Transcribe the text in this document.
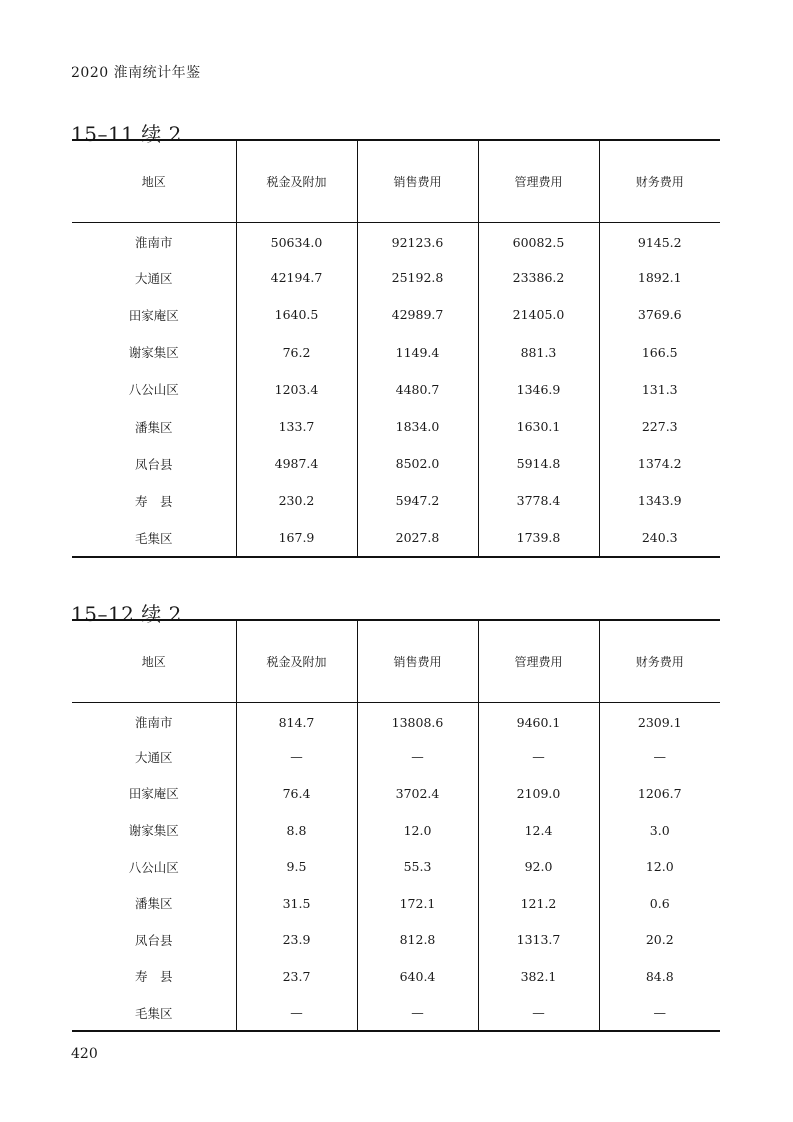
2020 淮南统计年鉴
15–11 续 2
地区	税金及附加	销售费用	管理费用	财务费用
淮南市	50634.0	92123.6	60082.5	9145.2
大通区	42194.7	25192.8	23386.2	1892.1
田家庵区	1640.5	42989.7	21405.0	3769.6
谢家集区	76.2	1149.4	881.3	166.5
八公山区	1203.4	4480.7	1346.9	131.3
潘集区	133.7	1834.0	1630.1	227.3
凤台县	4987.4	8502.0	5914.8	1374.2
寿　县	230.2	5947.2	3778.4	1343.9
毛集区	167.9	2027.8	1739.8	240.3
15–12 续 2
地区	税金及附加	销售费用	管理费用	财务费用
淮南市	814.7	13808.6	9460.1	2309.1
大通区	—	—	—	—
田家庵区	76.4	3702.4	2109.0	1206.7
谢家集区	8.8	12.0	12.4	3.0
八公山区	9.5	55.3	92.0	12.0
潘集区	31.5	172.1	121.2	0.6
凤台县	23.9	812.8	1313.7	20.2
寿　县	23.7	640.4	382.1	84.8
毛集区	—	—	—	—
420
